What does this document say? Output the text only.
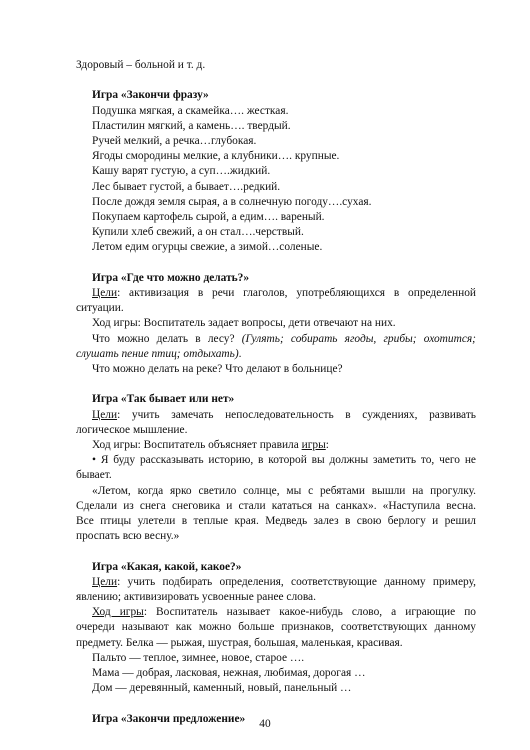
Здоровый – больной и т. д.
Игра «Закончи фразу»
Подушка мягкая, а скамейка…. жесткая.
Пластилин мягкий, а камень…. твердый.
Ручей мелкий, а речка…глубокая.
Ягоды смородины мелкие, а клубники…. крупные.
Кашу варят густую, а суп….жидкий.
Лес бывает густой, а бывает….редкий.
После дождя земля сырая, а в солнечную погоду….сухая.
Покупаем картофель сырой, а едим…. вареный.
Купили хлеб свежий, а он стал….черствый.
Летом едим огурцы свежие, а зимой…соленые.
Игра «Где что можно делать?»
Цели: активизация в речи глаголов, употребляющихся в определенной
ситуации.
Ход игры: Воспитатель задает вопросы, дети отвечают на них.
Что можно делать в лесу? (Гулять; собирать ягоды, грибы; охотится;
слушать пение птиц; отдыхать).
Что можно делать на реке? Что делают в больнице?
Игра «Так бывает или нет»
Цели: учить замечать непоследовательность в суждениях, развивать
логическое мышление.
Ход игры: Воспитатель объясняет правила игры:
• Я буду рассказывать историю, в которой вы должны заметить то, чего не
бывает.
«Летом, когда ярко светило солнце, мы с ребятами вышли на прогулку.
Сделали из снега снеговика и стали кататься на санках». «Наступила весна.
Все птицы улетели в теплые края. Медведь залез в свою берлогу и решил
проспать всю весну.»
Игра «Какая, какой, какое?»
Цели: учить подбирать определения, соответствующие данному примеру,
явлению; активизировать усвоенные ранее слова.
Ход игры: Воспитатель называет какое-нибудь слово, а играющие по
очереди называют как можно больше признаков, соответствующих данному
предмету. Белка — рыжая, шустрая, большая, маленькая, красивая.
Пальто — теплое, зимнее, новое, старое ….
Мама — добрая, ласковая, нежная, любимая, дорогая …
Дом — деревянный, каменный, новый, панельный …
Игра «Закончи предложение»	40
